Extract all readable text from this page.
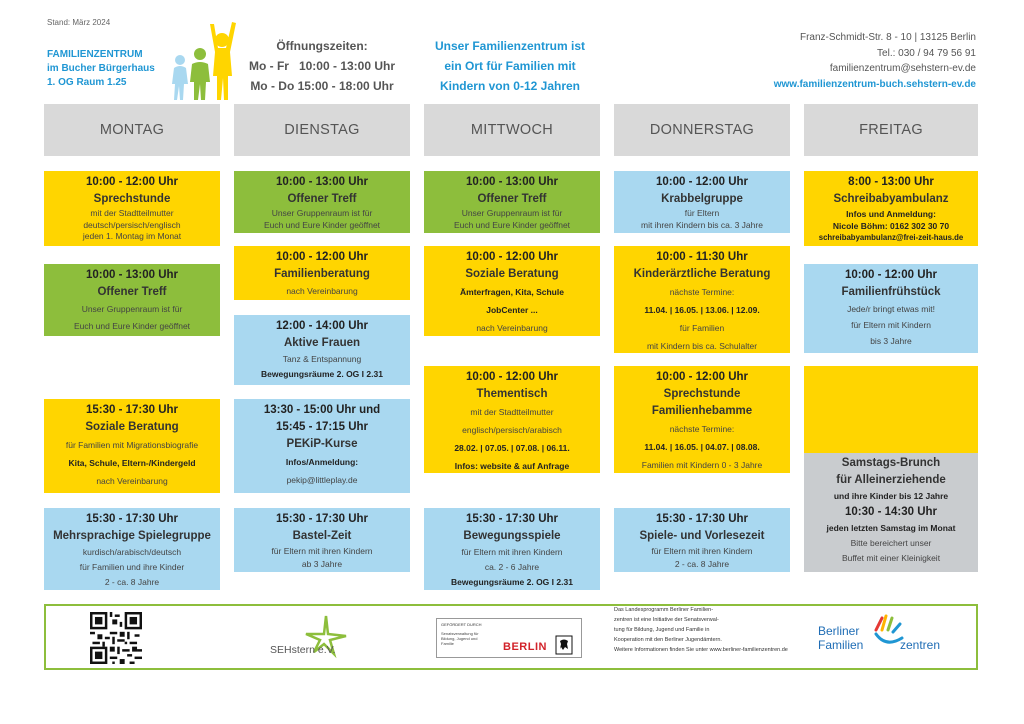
Stand: März 2024
FAMILIENZENTRUM
im Bucher Bürgerhaus
1. OG Raum 1.25
Öffnungszeiten:
Mo - Fr   10:00 - 13:00 Uhr
Mo - Do 15:00 - 18:00 Uhr
Unser Familienzentrum ist
ein Ort für Familien mit
Kindern von 0-12 Jahren
Franz-Schmidt-Str. 8 - 10 | 13125 Berlin
Tel.: 030 / 94 79 56 91
familienzentrum@sehstern-ev.de
www.familienzentrum-buch.sehstern-ev.de
MONTAG	DIENSTAG	MITTWOCH	DONNERSTAG	FREITAG
10:00 - 12:00 Uhr
Sprechstunde
mit der Stadtteilmutter
deutsch/persisch/englisch
jeden 1. Montag im Monat
10:00 - 13:00 Uhr
Offener Treff
Unser Gruppenraum ist für
Euch und Eure Kinder geöffnet
15:30 - 17:30 Uhr
Soziale Beratung
für Familien mit Migrationsbiografie
Kita, Schule, Eltern-/Kindergeld
nach Vereinbarung
15:30 - 17:30 Uhr
Mehrsprachige Spielegruppe
kurdisch/arabisch/deutsch
für Familien und ihre Kinder
2 - ca. 8 Jahre
10:00 - 13:00 Uhr
Offener Treff
Unser Gruppenraum ist für
Euch und Eure Kinder geöffnet
10:00 - 12:00 Uhr
Familienberatung
nach Vereinbarung
12:00 - 14:00 Uhr
Aktive Frauen
Tanz & Entspannung
Bewegungsräume 2. OG I 2.31
13:30 - 15:00 Uhr und
15:45 - 17:15 Uhr
PEKiP-Kurse
Infos/Anmeldung:
pekip@littleplay.de
15:30 - 17:30 Uhr
Bastel-Zeit
für Eltern mit ihren Kindern
ab 3 Jahre
10:00 - 13:00 Uhr
Offener Treff
Unser Gruppenraum ist für
Euch und Eure Kinder geöffnet
10:00 - 12:00 Uhr
Soziale Beratung
Ämterfragen, Kita, Schule
JobCenter ...
nach Vereinbarung
10:00 - 12:00 Uhr
Thementisch
mit der Stadtteilmutter
englisch/persisch/arabisch
28.02. | 07.05. | 07.08. | 06.11.
Infos: website & auf Anfrage
15:30 - 17:30 Uhr
Bewegungsspiele
für Eltern mit ihren Kindern
ca. 2 - 6 Jahre
Bewegungsräume 2. OG I 2.31
10:00 - 12:00 Uhr
Krabbelgruppe
für Eltern
mit ihren Kindern bis ca. 3 Jahre
10:00 - 11:30 Uhr
Kinderärztliche Beratung
nächste Termine:
11.04. | 16.05. | 13.06. | 12.09.
für Familien
mit Kindern bis ca. Schulalter
10:00 - 12:00 Uhr
Sprechstunde
Familienhebamme
nächste Termine:
11.04. | 16.05. | 04.07. | 08.08.
Familien mit Kindern 0 - 3 Jahre
15:30 - 17:30 Uhr
Spiele- und Vorlesezeit
für Eltern mit ihren Kindern
2 - ca. 8 Jahre
8:00 - 13:00 Uhr
Schreibabyambulanz
Infos und Anmeldung:
Nicole Böhm: 0162 302 30 70
schreibabyambulanz@frei-zeit-haus.de
10:00 - 12:00 Uhr
Familienfrühstück
Jede/r bringt etwas mit!
für Eltern mit Kindern
bis 3 Jahre
Samstags-Brunch
für Alleinerziehende
und ihre Kinder bis 12 Jahre
10:30 - 14:30 Uhr
jeden letzten Samstag im Monat
Bitte bereichert unser
Buffet mit einer Kleinigkeit
SEHstern e.V.
GEFÖRDERT DURCH
Senatsverwaltung für Bildung, Jugend und Familie	BERLIN
Das Landesprogramm Berliner Familien-
zentren ist eine Initiative der Senatsverwal-
tung für Bildung, Jugend und Familie in
Kooperation mit den Berliner Jugendämtern.
Weitere Informationen finden Sie unter www.berliner-familienzentren.de
Berliner
Familien	zentren
